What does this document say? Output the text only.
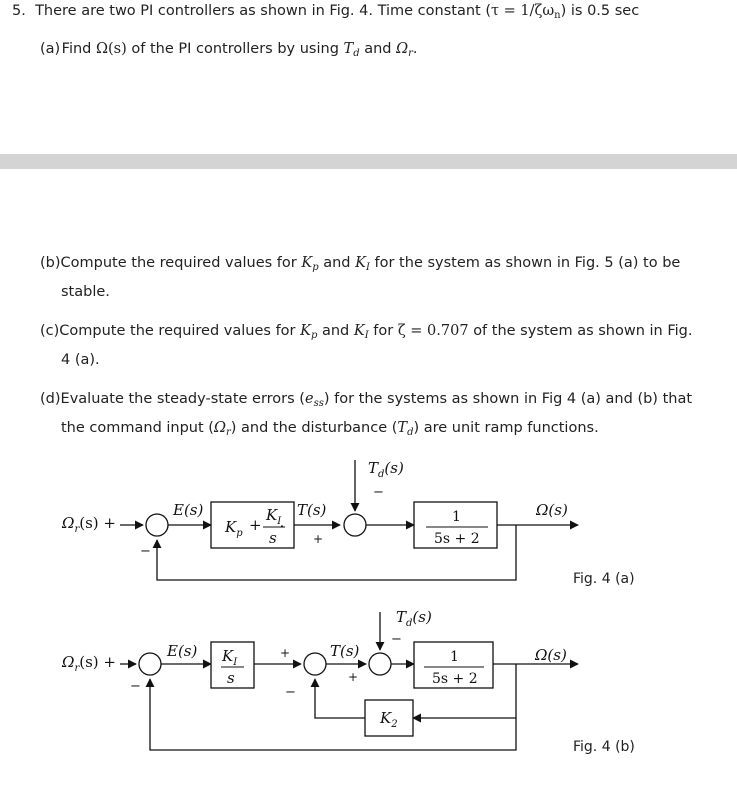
5. There are two PI controllers as shown in Fig. 4. Time constant $(\tau = 1/\zeta\omega_n)$ is 0.5 sec
(a) Find Ω(s) of the PI controllers by using $T_d$ and $\Omega_r$.
(b)Compute the required values for $K_p$ and $K_I$ for the system as shown in Fig. 5 (a) to be
stable.
(c)Compute the required values for $K_p$ and $K_I$ for ζ = 0.707 of the system as shown in Fig.
4 (a).
(d)Evaluate the steady-state errors $(e_{ss})$ for the systems as shown in Fig 4 (a) and (b) that
the command input $(\Omega_r)$ and the disturbance $(T_d)$ are unit ramp functions.
$\Omega_r(s)$ +
E(s)
−
$K_p$ +
$K_I$
s
T(s)
+
$T_d(s)$
−
1
5s + 2
Ω(s)
Fig. 4 (a)
$\Omega_r(s)$ +
E(s)
−
$K_I$
s
+
−
T(s)
+
$T_d(s)$
−
1
5s + 2
Ω(s)
$K_2$
Fig. 4 (b)
